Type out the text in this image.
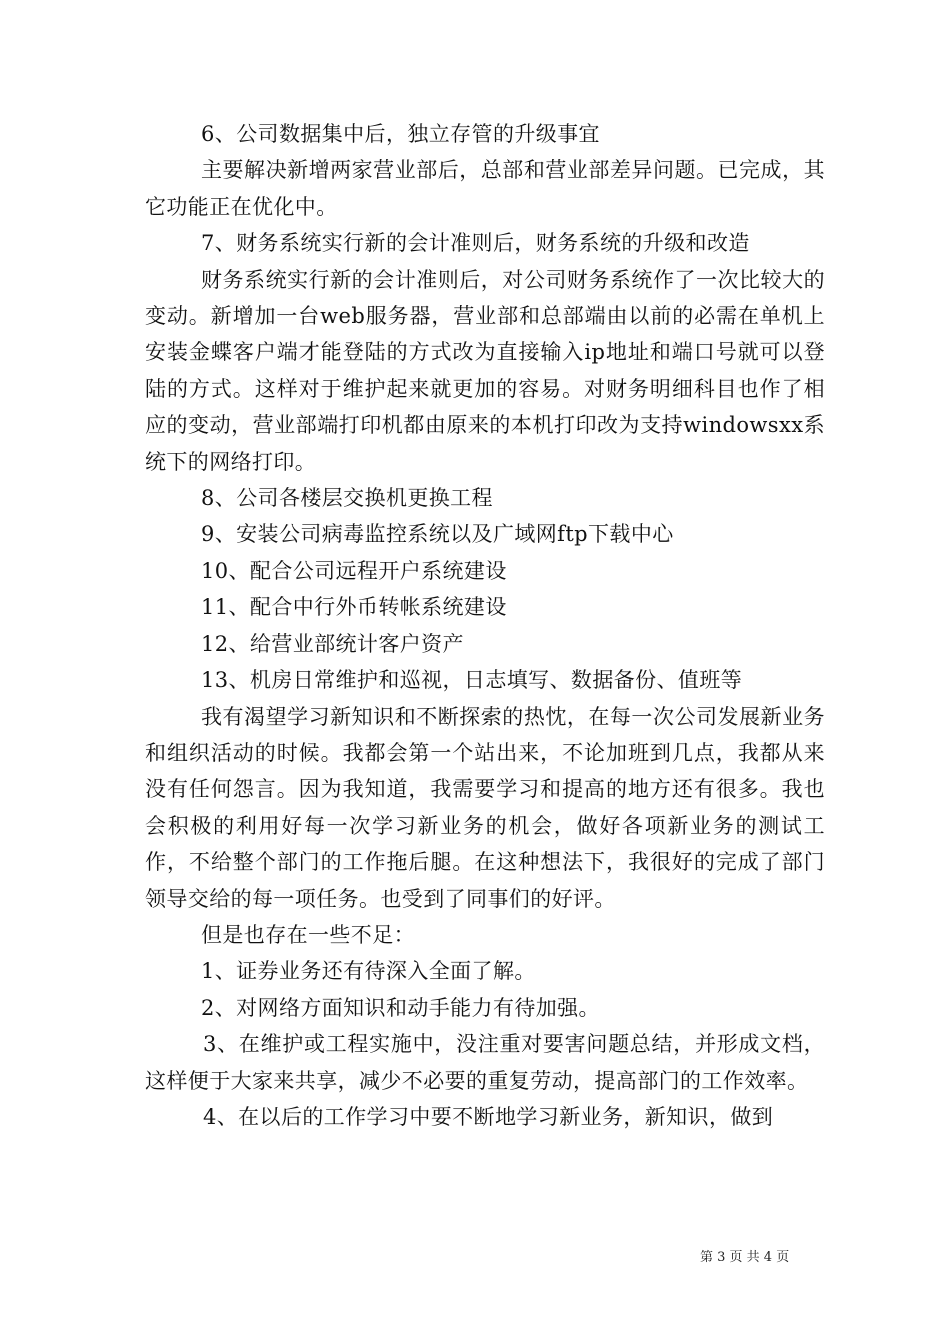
6、公司数据集中后，独立存管的升级事宜

主要解决新增两家营业部后，总部和营业部差异问题。已完成，其它功能正在优化中。

7、财务系统实行新的会计准则后，财务系统的升级和改造

财务系统实行新的会计准则后，对公司财务系统作了一次比较大的变动。新增加一台web服务器，营业部和总部端由以前的必需在单机上安装金蝶客户端才能登陆的方式改为直接输入ip地址和端口号就可以登陆的方式。这样对于维护起来就更加的容易。对财务明细科目也作了相应的变动，营业部端打印机都由原来的本机打印改为支持windowsxx系统下的网络打印。

8、公司各楼层交换机更换工程

9、安装公司病毒监控系统以及广域网ftp下载中心

10、配合公司远程开户系统建设

11、配合中行外币转帐系统建设

12、给营业部统计客户资产

13、机房日常维护和巡视，日志填写、数据备份、值班等

我有渴望学习新知识和不断探索的热忱，在每一次公司发展新业务和组织活动的时候。我都会第一个站出来，不论加班到几点，我都从来没有任何怨言。因为我知道，我需要学习和提高的地方还有很多。我也会积极的利用好每一次学习新业务的机会，做好各项新业务的测试工作，不给整个部门的工作拖后腿。在这种想法下，我很好的完成了部门领导交给的每一项任务。也受到了同事们的好评。

但是也存在一些不足：

1、证券业务还有待深入全面了解。

2、对网络方面知识和动手能力有待加强。

3、在维护或工程实施中，没注重对要害问题总结，并形成文档，这样便于大家来共享，减少不必要的重复劳动，提高部门的工作效率。

4、在以后的工作学习中要不断地学习新业务，新知识，做到

第 3 页 共 4 页
